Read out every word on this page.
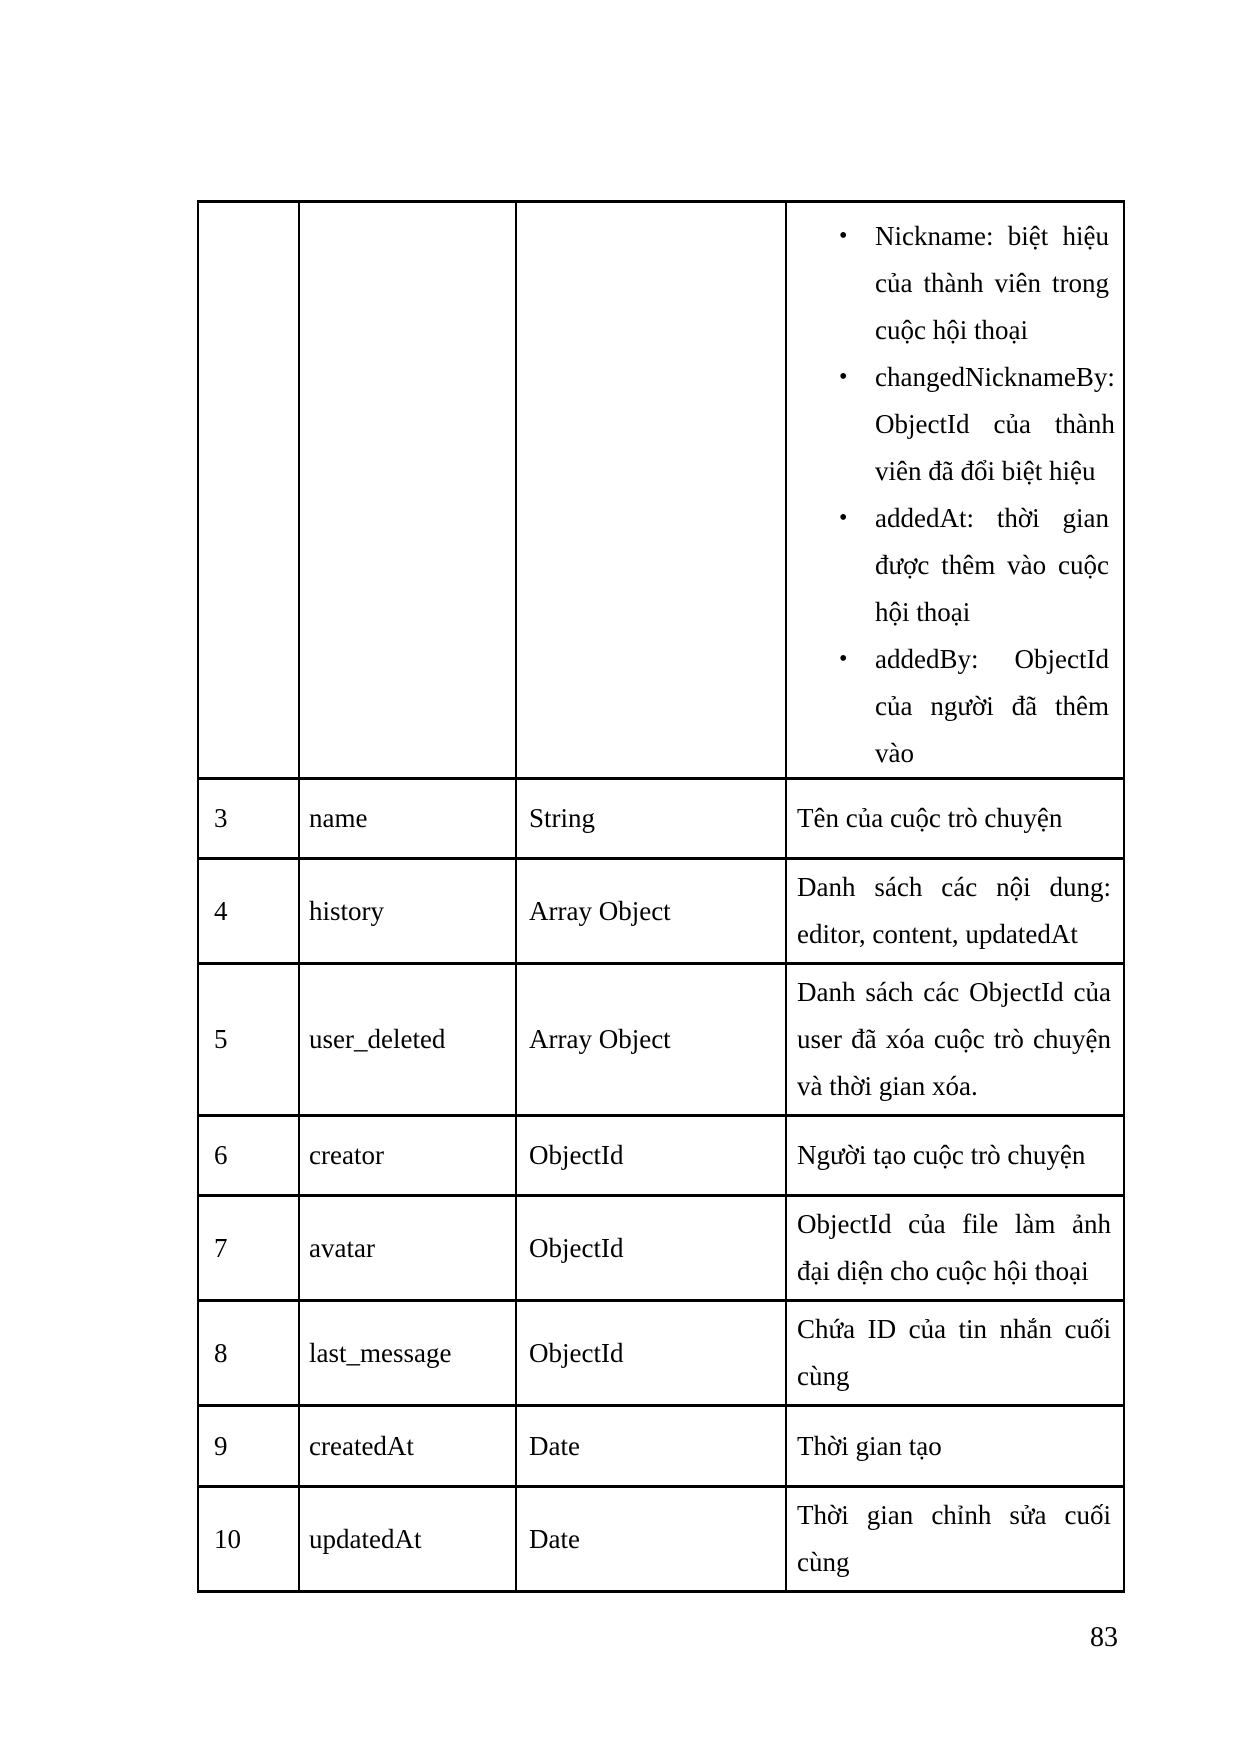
•	Nickname: biệt hiệu của thành viên trong cuộc hội thoại
•	changedNicknameBy: ObjectId của thành viên đã đổi biệt hiệu
•	addedAt: thời gian được thêm vào cuộc hội thoại
•	addedBy: ObjectId của người đã thêm vào

3	name	String	Tên của cuộc trò chuyện
4	history	Array Object	Danh sách các nội dung: editor, content, updatedAt
5	user_deleted	Array Object	Danh sách các ObjectId của user đã xóa cuộc trò chuyện và thời gian xóa.
6	creator	ObjectId	Người tạo cuộc trò chuyện
7	avatar	ObjectId	ObjectId của file làm ảnh đại diện cho cuộc hội thoại
8	last_message	ObjectId	Chứa ID của tin nhắn cuối cùng
9	createdAt	Date	Thời gian tạo
10	updatedAt	Date	Thời gian chỉnh sửa cuối cùng
83
